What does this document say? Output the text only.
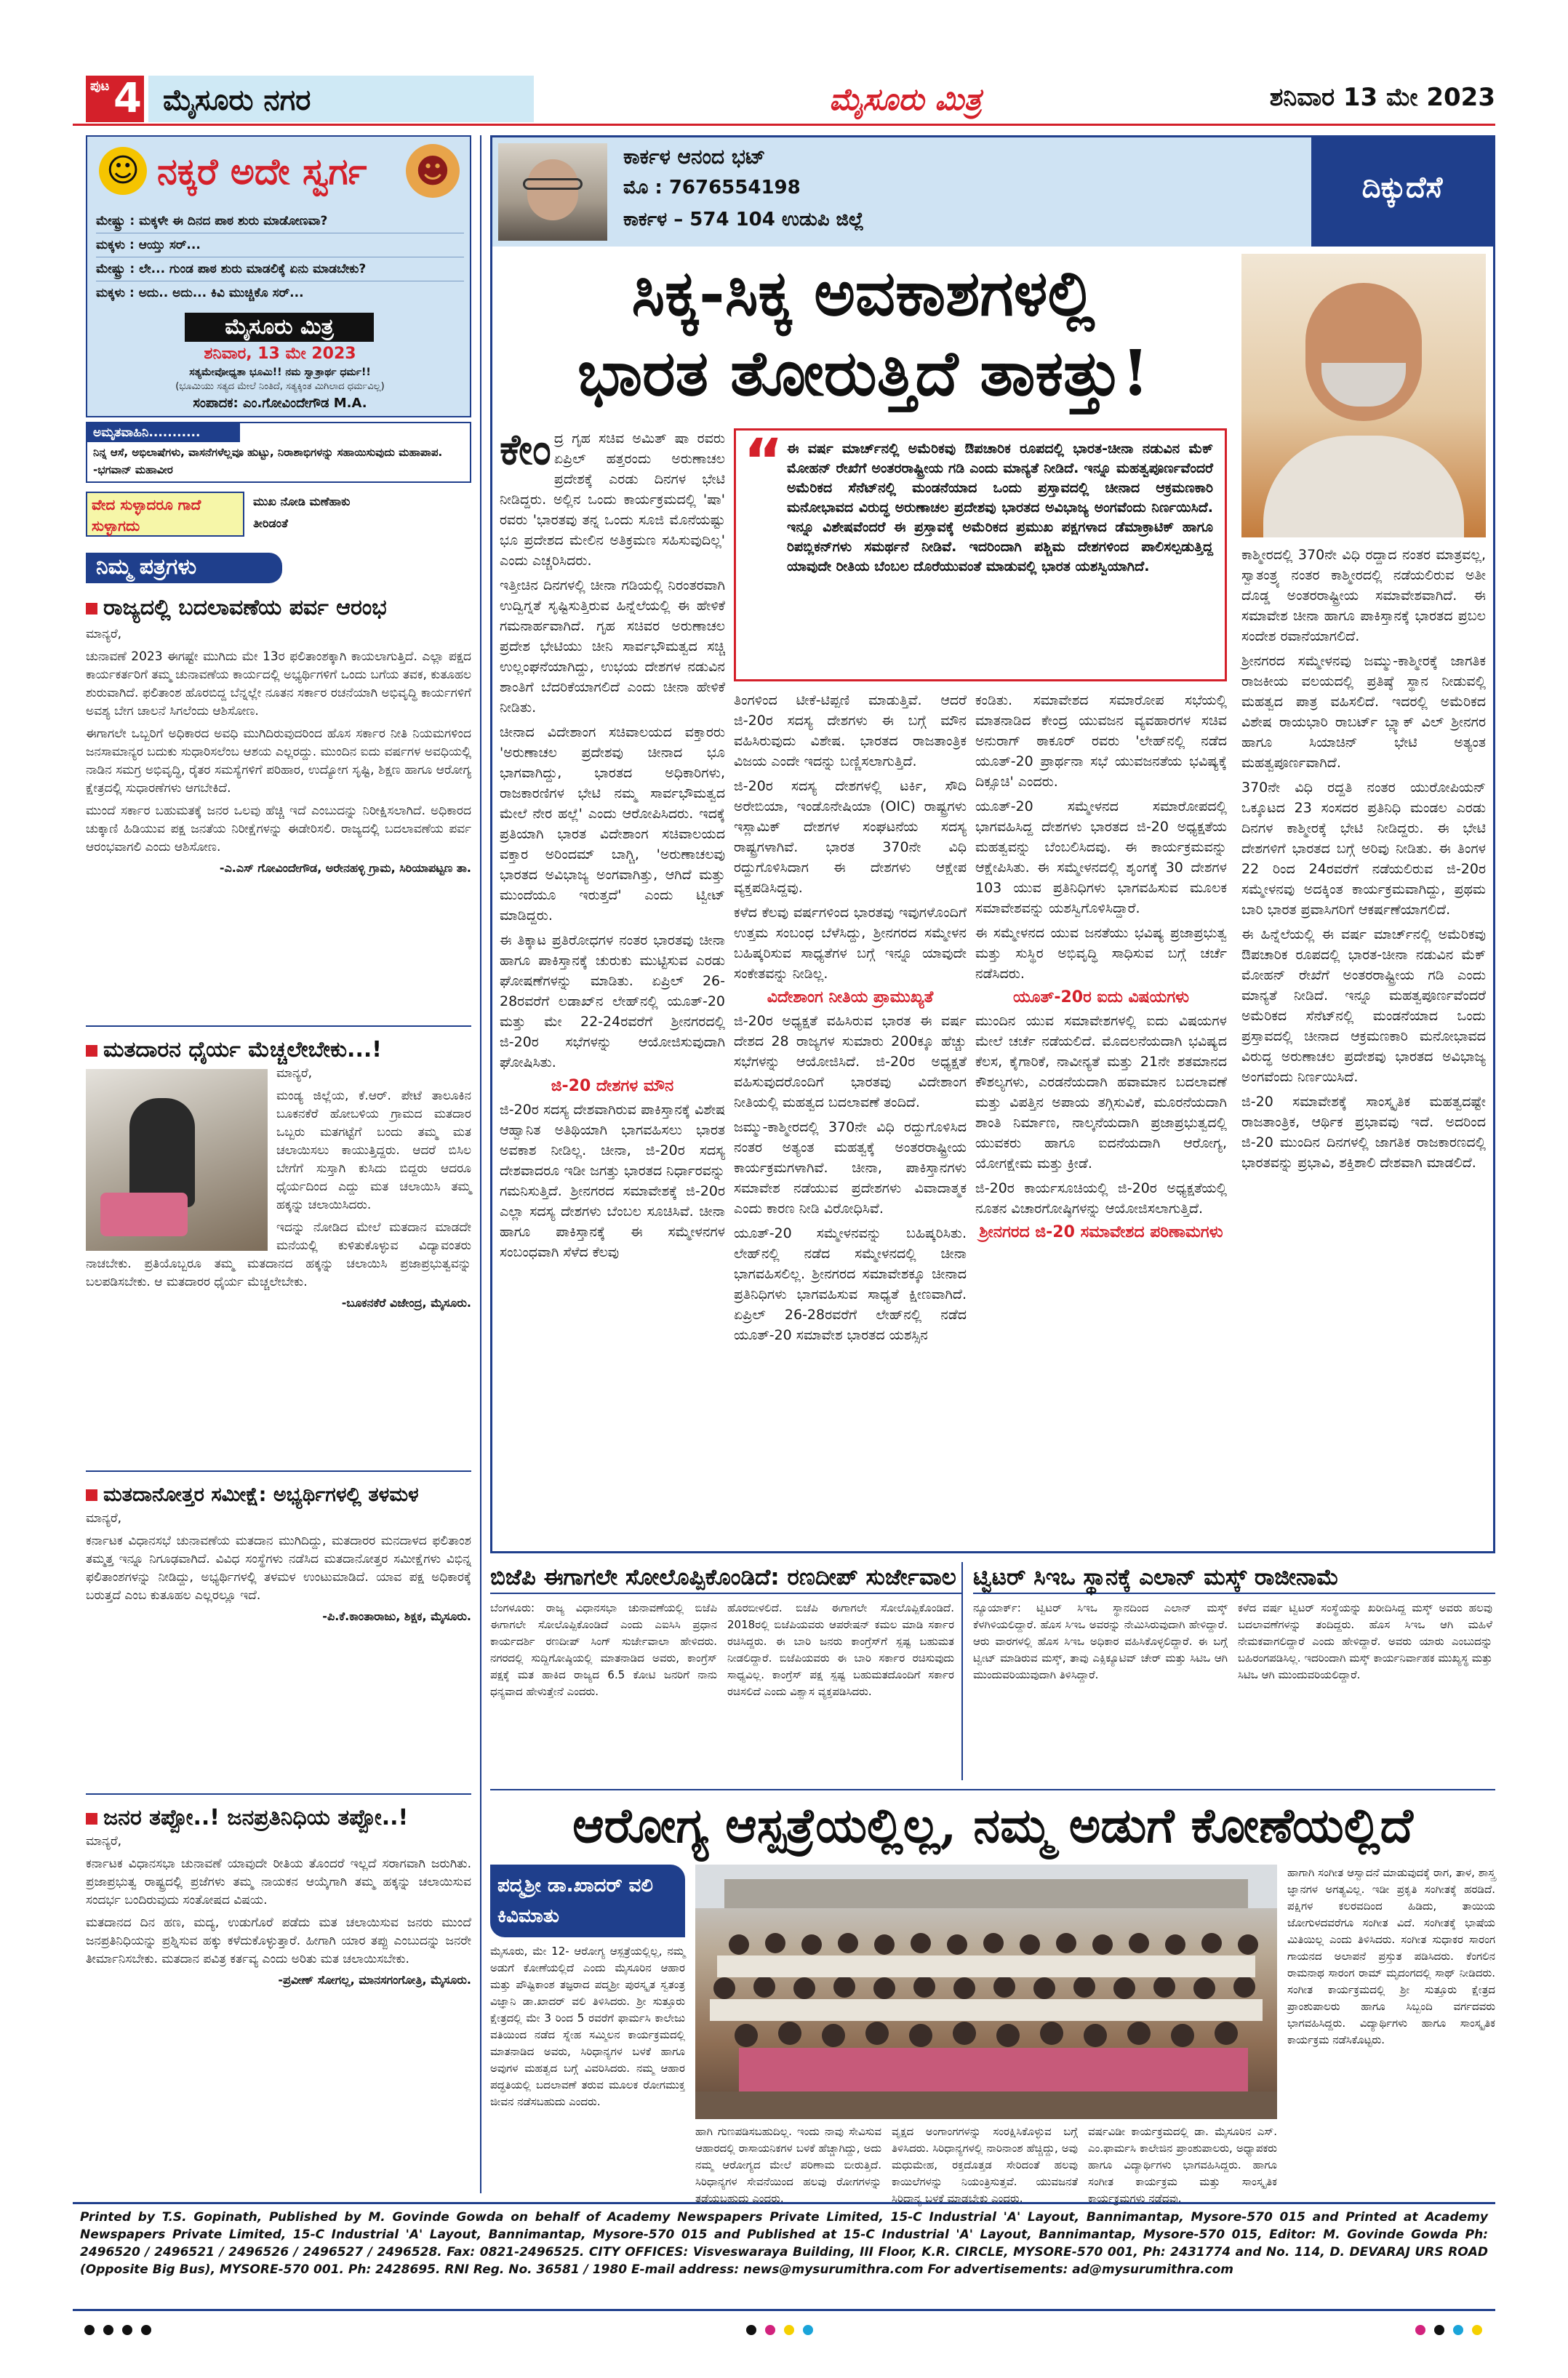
ಪುಟ 4 ಮೈಸೂರು ನಗರ	ಮೈಸೂರು ಮಿತ್ರ	ಶನಿವಾರ 13 ಮೇ 2023
☺ ನಕ್ಕರೆ ಅದೇ ಸ್ವರ್ಗ ☻
ಮೇಷ್ಟ್ರು : ಮಕ್ಕಳೇ ಈ ದಿನದ ಪಾಠ ಶುರು ಮಾಡೋಣವಾ?
ಮಕ್ಕಳು : ಆಯ್ತು ಸರ್...
ಮೇಷ್ಟ್ರು : ಲೇ... ಗುಂಡ ಪಾಠ ಶುರು ಮಾಡಲಿಕ್ಕೆ ಏನು ಮಾಡಬೇಕು?
ಮಕ್ಕಳು : ಅದು.. ಅದು... ಕಿವಿ ಮುಚ್ಚಿಕೊ ಸರ್...
ಮೈಸೂರು ಮಿತ್ರ
ಶನಿವಾರ, 13 ಮೇ 2023
ಸತ್ಯಮೇವೋಧ್ಯತಾ ಭೂಮಿ!! ನಮ ಸ್ವಾತ್ರಾರ್ಥ ಧರ್ಮ!!
(ಭೂಮಿಯು ಸತ್ಯದ ಮೇಲೆ ನಿಂತಿದೆ, ಸತ್ಯಕ್ಕಿಂತ ಮಿಗಿಲಾದ ಧರ್ಮವಿಲ್ಲ)
ಸಂಪಾದಕ: ಎಂ.ಗೋವಿಂದೇಗೌಡ M.A.
ಅಮೃತವಾಹಿನಿ...........
ನಿನ್ನ ಆಸೆ, ಅಭಿಲಾಷೆಗಳು, ವಾಸನೆಗಳೆಲ್ಲವೂ ಹುಟ್ಟು, ನಿರಾಶಾಭಿಗಳನ್ನು ಸಹಾಯಿಸುವುದು ಮಹಾಪಾಪ. -ಭಗವಾನ್ ಮಹಾವೀರ
ವೇದ ಸುಳ್ಳಾದರೂ ಗಾದೆ ಸುಳ್ಳಾಗದು
ಮುಖ ನೋಡಿ ಮಣೆಹಾಕು
ತೀರಿಡಂತೆ
ನಿಮ್ಮ ಪತ್ರಗಳು
ರಾಜ್ಯದಲ್ಲಿ ಬದಲಾವಣೆಯ ಪರ್ವ ಆರಂಭ

ಮಾನ್ಯರೆ,

ಚುನಾವಣೆ 2023 ಈಗಷ್ಟೇ ಮುಗಿದು ಮೇ 13ರ ಫಲಿತಾಂಶಕ್ಕಾಗಿ ಕಾಯಲಾಗುತ್ತಿದೆ. ಎಲ್ಲಾ ಪಕ್ಷದ ಕಾರ್ಯಕರ್ತರಿಗೆ ತಮ್ಮ ಚುನಾವಣೆಯ ಕಾರ್ಯದಲ್ಲಿ ಅಭ್ಯರ್ಥಿಗಳಿಗೆ ಒಂದು ಬಗೆಯ ತವಕ, ಕುತೂಹಲ ಶುರುವಾಗಿದೆ. ಫಲಿತಾಂಶ ಹೊರಬಿದ್ದ ಬೆನ್ನಲ್ಲೇ ನೂತನ ಸರ್ಕಾರ ರಚನೆಯಾಗಿ ಅಭಿವೃದ್ಧಿ ಕಾರ್ಯಗಳಿಗೆ ಅವಶ್ಯ ಬೇಗ ಚಾಲನೆ ಸಿಗಲೆಂದು ಆಶಿಸೋಣ.

ಈಗಾಗಲೇ ಒಬ್ಬರಿಗೆ ಅಧಿಕಾರದ ಅವಧಿ ಮುಗಿದಿರುವುದರಿಂದ ಹೊಸ ಸರ್ಕಾರ ನೀತಿ ನಿಯಮಗಳಿಂದ ಜನಸಾಮಾನ್ಯರ ಬದುಕು ಸುಧಾರಿಸಲೆಂಬ ಆಶಯ ಎಲ್ಲರದ್ದು. ಮುಂದಿನ ಐದು ವರ್ಷಗಳ ಅವಧಿಯಲ್ಲಿ ನಾಡಿನ ಸಮಗ್ರ ಅಭಿವೃದ್ಧಿ, ರೈತರ ಸಮಸ್ಯೆಗಳಿಗೆ ಪರಿಹಾರ, ಉದ್ಯೋಗ ಸೃಷ್ಟಿ, ಶಿಕ್ಷಣ ಹಾಗೂ ಆರೋಗ್ಯ ಕ್ಷೇತ್ರದಲ್ಲಿ ಸುಧಾರಣೆಗಳು ಆಗಬೇಕಿದೆ.

ಮುಂದೆ ಸರ್ಕಾರ ಬಹುಮತಕ್ಕೆ ಜನರ ಒಲವು ಹೆಚ್ಚಿ ಇದೆ ಎಂಬುದನ್ನು ನಿರೀಕ್ಷಿಸಲಾಗಿದೆ. ಅಧಿಕಾರದ ಚುಕ್ಕಾಣಿ ಹಿಡಿಯುವ ಪಕ್ಷ ಜನತೆಯ ನಿರೀಕ್ಷೆಗಳನ್ನು ಈಡೇರಿಸಲಿ. ರಾಜ್ಯದಲ್ಲಿ ಬದಲಾವಣೆಯ ಪರ್ವ ಆರಂಭವಾಗಲಿ ಎಂದು ಆಶಿಸೋಣ.

-ಎ.ಎಸ್ ಗೋವಿಂದೇಗೌಡ, ಅರೇನಹಳ್ಳಿ ಗ್ರಾಮ, ಸಿರಿಯಾಪಟ್ಟಣ ತಾ.
ಮತದಾರನ ಧೈರ್ಯ ಮೆಚ್ಚಲೇಬೇಕು...!

ಮಾನ್ಯರೆ,

ಮಂಡ್ಯ ಜಿಲ್ಲೆಯ, ಕೆ.ಆರ್. ಪೇಟೆ ತಾಲೂಕಿನ ಬೂಕನಕೆರೆ ಹೋಬಳಿಯ ಗ್ರಾಮದ ಮತದಾರ ಒಬ್ಬರು ಮತಗಟ್ಟೆಗೆ ಬಂದು ತಮ್ಮ ಮತ ಚಲಾಯಿಸಲು ಕಾಯುತ್ತಿದ್ದರು. ಆದರೆ ಬಿಸಿಲ ಬೇಗೆಗೆ ಸುಸ್ತಾಗಿ ಕುಸಿದು ಬಿದ್ದರು ಆದರೂ ಧೈರ್ಯದಿಂದ ಎದ್ದು ಮತ ಚಲಾಯಿಸಿ ತಮ್ಮ ಹಕ್ಕನ್ನು ಚಲಾಯಿಸಿದರು.

ಇದನ್ನು ನೋಡಿದ ಮೇಲೆ ಮತದಾನ ಮಾಡದೇ ಮನೆಯಲ್ಲಿ ಕುಳಿತುಕೊಳ್ಳುವ ವಿದ್ಯಾವಂತರು ನಾಚಬೇಕು. ಪ್ರತಿಯೊಬ್ಬರೂ ತಮ್ಮ ಮತದಾನದ ಹಕ್ಕನ್ನು ಚಲಾಯಿಸಿ ಪ್ರಜಾಪ್ರಭುತ್ವವನ್ನು ಬಲಪಡಿಸಬೇಕು. ಆ ಮತದಾರರ ಧೈರ್ಯ ಮೆಚ್ಚಲೇಬೇಕು.

-ಬೂಕನಕೆರೆ ವಿಜೇಂದ್ರ, ಮೈಸೂರು.
ಮತದಾನೋತ್ತರ ಸಮೀಕ್ಷೆ: ಅಭ್ಯರ್ಥಿಗಳಲ್ಲಿ ತಳಮಳ

ಮಾನ್ಯರೆ,

ಕರ್ನಾಟಕ ವಿಧಾನಸಭೆ ಚುನಾವಣೆಯ ಮತದಾನ ಮುಗಿದಿದ್ದು, ಮತದಾರರ ಮನದಾಳದ ಫಲಿತಾಂಶ ತಮ್ಮತ್ತ ಇನ್ನೂ ನಿಗೂಢವಾಗಿದೆ. ವಿವಿಧ ಸಂಸ್ಥೆಗಳು ನಡೆಸಿದ ಮತದಾನೋತ್ತರ ಸಮೀಕ್ಷೆಗಳು ವಿಭಿನ್ನ ಫಲಿತಾಂಶಗಳನ್ನು ನೀಡಿದ್ದು, ಅಭ್ಯರ್ಥಿಗಳಲ್ಲಿ ತಳಮಳ ಉಂಟುಮಾಡಿದೆ. ಯಾವ ಪಕ್ಷ ಅಧಿಕಾರಕ್ಕೆ ಬರುತ್ತದೆ ಎಂಬ ಕುತೂಹಲ ಎಲ್ಲರಲ್ಲೂ ಇದೆ.

-ಪಿ.ಕೆ.ಕಾಂತಾರಾಜು, ಶಿಕ್ಷಕ, ಮೈಸೂರು.
ಜನರ ತಪ್ಪೋ..! ಜನಪ್ರತಿನಿಧಿಯ ತಪ್ಪೋ..!

ಮಾನ್ಯರೆ,

ಕರ್ನಾಟಕ ವಿಧಾನಸಭಾ ಚುನಾವಣೆ ಯಾವುದೇ ರೀತಿಯ ತೊಂದರೆ ಇಲ್ಲದೆ ಸರಾಗವಾಗಿ ಜರುಗಿತು. ಪ್ರಜಾಪ್ರಭುತ್ವ ರಾಷ್ಟ್ರದಲ್ಲಿ ಪ್ರಜೆಗಳು ತಮ್ಮ ನಾಯಕನ ಆಯ್ಕೆಗಾಗಿ ತಮ್ಮ ಹಕ್ಕನ್ನು ಚಲಾಯಿಸುವ ಸಂದರ್ಭ ಬಂದಿರುವುದು ಸಂತೋಷದ ವಿಷಯ.

ಮತದಾನದ ದಿನ ಹಣ, ಮದ್ಯ, ಉಡುಗೊರೆ ಪಡೆದು ಮತ ಚಲಾಯಿಸುವ ಜನರು ಮುಂದೆ ಜನಪ್ರತಿನಿಧಿಯನ್ನು ಪ್ರಶ್ನಿಸುವ ಹಕ್ಕು ಕಳೆದುಕೊಳ್ಳುತ್ತಾರೆ. ಹೀಗಾಗಿ ಯಾರ ತಪ್ಪು ಎಂಬುದನ್ನು ಜನರೇ ತೀರ್ಮಾನಿಸಬೇಕು. ಮತದಾನ ಪವಿತ್ರ ಕರ್ತವ್ಯ ಎಂದು ಅರಿತು ಮತ ಚಲಾಯಿಸಬೇಕು.

-ಪ್ರವೀಣ್ ಸೋಗಲ್ಲ, ಮಾನಸಗಂಗೋತ್ರಿ, ಮೈಸೂರು.
ಕಾರ್ಕಳ ಆನಂದ ಭಟ್
ಮೊ : 7676554198
ಕಾರ್ಕಳ – 574 104 ಉಡುಪಿ ಜಿಲ್ಲೆ
ದಿಕ್ಕುದೆಸೆ
ಸಿಕ್ಕ-ಸಿಕ್ಕ ಅವಕಾಶಗಳಲ್ಲಿ
ಭಾರತ ತೋರುತ್ತಿದೆ ತಾಕತ್ತು!
“ ಈ ವರ್ಷ ಮಾರ್ಚ್‌ನಲ್ಲಿ ಅಮೆರಿಕವು ಔಪಚಾರಿಕ ರೂಪದಲ್ಲಿ ಭಾರತ-ಚೀನಾ ನಡುವಿನ ಮೆಕ್ ಮೋಹನ್ ರೇಖೆಗೆ ಅಂತರರಾಷ್ಟ್ರೀಯ ಗಡಿ ಎಂದು ಮಾನ್ಯತೆ ನೀಡಿದೆ. ಇನ್ನೂ ಮಹತ್ವಪೂರ್ಣವೆಂದರೆ ಅಮೆರಿಕದ ಸೆನೆಟ್‌ನಲ್ಲಿ ಮಂಡನೆಯಾದ ಒಂದು ಪ್ರಸ್ತಾವದಲ್ಲಿ ಚೀನಾದ ಆಕ್ರಮಣಕಾರಿ ಮನೋಭಾವದ ವಿರುದ್ಧ ಅರುಣಾಚಲ ಪ್ರದೇಶವು ಭಾರತದ ಅವಿಭಾಜ್ಯ ಅಂಗವೆಂದು ನಿರ್ಣಯಿಸಿದೆ. ಇನ್ನೂ ವಿಶೇಷವೆಂದರೆ ಈ ಪ್ರಸ್ತಾವಕ್ಕೆ ಅಮೆರಿಕದ ಪ್ರಮುಖ ಪಕ್ಷಗಳಾದ ಡೆಮಾಕ್ರಾಟಿಕ್ ಹಾಗೂ ರಿಪಬ್ಲಿಕನ್‌ಗಳು ಸಮರ್ಥನೆ ನೀಡಿವೆ. ಇದರಿಂದಾಗಿ ಪಶ್ಚಿಮ ದೇಶಗಳಿಂದ ಪಾಲಿಸಲ್ಪಡುತ್ತಿದ್ದ ಯಾವುದೇ ರೀತಿಯ ಬೆಂಬಲ ದೊರೆಯುವಂತೆ ಮಾಡುವಲ್ಲಿ ಭಾರತ ಯಶಸ್ವಿಯಾಗಿದೆ.

ಕೇಂದ್ರ ಗೃಹ ಸಚಿವ ಅಮಿತ್ ಷಾ ರವರು ಏಪ್ರಿಲ್ ಹತ್ತರಂದು ಅರುಣಾಚಲ ಪ್ರದೇಶಕ್ಕೆ ಎರಡು ದಿನಗಳ ಭೇಟಿ ನೀಡಿದ್ದರು. ಅಲ್ಲಿನ ಒಂದು ಕಾರ್ಯಕ್ರಮದಲ್ಲಿ 'ಷಾ' ರವರು 'ಭಾರತವು ತನ್ನ ಒಂದು ಸೂಜಿ ಮೊನೆಯಷ್ಟು ಭೂ ಪ್ರದೇಶದ ಮೇಲಿನ ಅತಿಕ್ರಮಣ ಸಹಿಸುವುದಿಲ್ಲ' ಎಂದು ಎಚ್ಚರಿಸಿದರು.

ಇತ್ತೀಚಿನ ದಿನಗಳಲ್ಲಿ ಚೀನಾ ಗಡಿಯಲ್ಲಿ ನಿರಂತರವಾಗಿ ಉದ್ವಿಗ್ನತೆ ಸೃಷ್ಟಿಸುತ್ತಿರುವ ಹಿನ್ನೆಲೆಯಲ್ಲಿ ಈ ಹೇಳಿಕೆ ಗಮನಾರ್ಹವಾಗಿದೆ. ಗೃಹ ಸಚಿವರ ಅರುಣಾಚಲ ಪ್ರದೇಶ ಭೇಟಿಯು ಚೀನಿ ಸಾರ್ವಭೌಮತ್ವದ ಸಚ್ಚಿ ಉಲ್ಲಂಘನೆಯಾಗಿದ್ದು, ಉಭಯ ದೇಶಗಳ ನಡುವಿನ ಶಾಂತಿಗೆ ಬೆದರಿಕೆಯಾಗಲಿದೆ ಎಂದು ಚೀನಾ ಹೇಳಿಕೆ ನೀಡಿತು.

ಚೀನಾದ ವಿದೇಶಾಂಗ ಸಚಿವಾಲಯದ ವಕ್ತಾರರು 'ಅರುಣಾಚಲ ಪ್ರದೇಶವು ಚೀನಾದ ಭೂ ಭಾಗವಾಗಿದ್ದು, ಭಾರತದ ಅಧಿಕಾರಿಗಳು, ರಾಜಕಾರಣಿಗಳ ಭೇಟಿ ನಮ್ಮ ಸಾರ್ವಭೌಮತ್ವದ ಮೇಲೆ ನೇರ ಹಲ್ಲೆ' ಎಂದು ಆರೋಪಿಸಿದರು. ಇದಕ್ಕೆ ಪ್ರತಿಯಾಗಿ ಭಾರತ ವಿದೇಶಾಂಗ ಸಚಿವಾಲಯದ ವಕ್ತಾರ ಅರಿಂದಮ್ ಬಾಗ್ಚಿ, 'ಅರುಣಾಚಲವು ಭಾರತದ ಅವಿಭಾಜ್ಯ ಅಂಗವಾಗಿತ್ತು, ಆಗಿದೆ ಮತ್ತು ಮುಂದೆಯೂ ಇರುತ್ತದೆ' ಎಂದು ಟ್ವೀಟ್ ಮಾಡಿದ್ದರು.

ಈ ತಿಕ್ಕಾಟ ಪ್ರತಿರೋಧಗಳ ನಂತರ ಭಾರತವು ಚೀನಾ ಹಾಗೂ ಪಾಕಿಸ್ತಾನಕ್ಕೆ ಚುರುಕು ಮುಟ್ಟಿಸುವ ಎರಡು ಘೋಷಣೆಗಳನ್ನು ಮಾಡಿತು. ಏಪ್ರಿಲ್ 26-28ರವರೆಗೆ ಲಡಾಖ್‌ನ ಲೇಹ್‌ನಲ್ಲಿ ಯೂತ್-20 ಮತ್ತು ಮೇ 22-24ರವರೆಗೆ ಶ್ರೀನಗರದಲ್ಲಿ ಜಿ-20ರ ಸಭೆಗಳನ್ನು ಆಯೋಜಿಸುವುದಾಗಿ ಘೋಷಿಸಿತು.

ಜಿ-20 ದೇಶಗಳ ಮೌನ

ಜಿ-20ರ ಸದಸ್ಯ ದೇಶವಾಗಿರುವ ಪಾಕಿಸ್ತಾನಕ್ಕೆ ವಿಶೇಷ ಆಹ್ವಾನಿತ ಅತಿಥಿಯಾಗಿ ಭಾಗವಹಿಸಲು ಭಾರತ ಅವಕಾಶ ನೀಡಿಲ್ಲ. ಚೀನಾ, ಜಿ-20ರ ಸದಸ್ಯ ದೇಶವಾದರೂ ಇಡೀ ಜಗತ್ತು ಭಾರತದ ನಿರ್ಧಾರವನ್ನು ಗಮನಿಸುತ್ತಿದೆ. ಶ್ರೀನಗರದ ಸಮಾವೇಶಕ್ಕೆ ಜಿ-20ರ ಎಲ್ಲಾ ಸದಸ್ಯ ದೇಶಗಳು ಬೆಂಬಲ ಸೂಚಿಸಿವೆ. ಚೀನಾ ಹಾಗೂ ಪಾಕಿಸ್ತಾನಕ್ಕೆ ಈ ಸಮ್ಮೇಳನಗಳ ಸಂಬಂಧವಾಗಿ ಸೆಳೆದ ಕೆಲವು

ತಿಂಗಳಿಂದ ಟೀಕೆ-ಟಿಪ್ಪಣಿ ಮಾಡುತ್ತಿವೆ. ಆದರೆ ಜಿ-20ರ ಸದಸ್ಯ ದೇಶಗಳು ಈ ಬಗ್ಗೆ ಮೌನ ವಹಿಸಿರುವುದು ವಿಶೇಷ. ಭಾರತದ ರಾಜತಾಂತ್ರಿಕ ವಿಜಯ ಎಂದೇ ಇದನ್ನು ಬಣ್ಣಿಸಲಾಗುತ್ತಿದೆ.

ಜಿ-20ರ ಸದಸ್ಯ ದೇಶಗಳಲ್ಲಿ ಟರ್ಕಿ, ಸೌದಿ ಅರೇಬಿಯಾ, ಇಂಡೊನೇಷಿಯಾ (OIC) ರಾಷ್ಟ್ರಗಳು ಇಸ್ಲಾಮಿಕ್ ದೇಶಗಳ ಸಂಘಟನೆಯ ಸದಸ್ಯ ರಾಷ್ಟ್ರಗಳಾಗಿವೆ. ಭಾರತ 370ನೇ ವಿಧಿ ರದ್ದುಗೊಳಿಸಿದಾಗ ಈ ದೇಶಗಳು ಆಕ್ಷೇಪ ವ್ಯಕ್ತಪಡಿಸಿದ್ದವು.

ಕಳೆದ ಕೆಲವು ವರ್ಷಗಳಿಂದ ಭಾರತವು ಇವುಗಳೊಂದಿಗೆ ಉತ್ತಮ ಸಂಬಂಧ ಬೆಳೆಸಿದ್ದು, ಶ್ರೀನಗರದ ಸಮ್ಮೇಳನ ಬಹಿಷ್ಕರಿಸುವ ಸಾಧ್ಯತೆಗಳ ಬಗ್ಗೆ ಇನ್ನೂ ಯಾವುದೇ ಸಂಕೇತವನ್ನು ನೀಡಿಲ್ಲ.

ವಿದೇಶಾಂಗ ನೀತಿಯ ಪ್ರಾಮುಖ್ಯತೆ

ಜಿ-20ರ ಅಧ್ಯಕ್ಷತೆ ವಹಿಸಿರುವ ಭಾರತ ಈ ವರ್ಷ ದೇಶದ 28 ರಾಜ್ಯಗಳ ಸುಮಾರು 200ಕ್ಕೂ ಹೆಚ್ಚು ಸಭೆಗಳನ್ನು ಆಯೋಜಿಸಿದೆ. ಜಿ-20ರ ಅಧ್ಯಕ್ಷತೆ ವಹಿಸುವುದರೊಂದಿಗೆ ಭಾರತವು ವಿದೇಶಾಂಗ ನೀತಿಯಲ್ಲಿ ಮಹತ್ವದ ಬದಲಾವಣೆ ತಂದಿದೆ.

ಜಮ್ಮು-ಕಾಶ್ಮೀರದಲ್ಲಿ 370ನೇ ವಿಧಿ ರದ್ದುಗೊಳಿಸಿದ ನಂತರ ಅತ್ಯಂತ ಮಹತ್ವಕ್ಕೆ ಅಂತರರಾಷ್ಟ್ರೀಯ ಕಾರ್ಯಕ್ರಮಗಳಾಗಿವೆ. ಚೀನಾ, ಪಾಕಿಸ್ತಾನಗಳು ಸಮಾವೇಶ ನಡೆಯುವ ಪ್ರದೇಶಗಳು ವಿವಾದಾತ್ಮಕ ಎಂದು ಕಾರಣ ನೀಡಿ ವಿರೋಧಿಸಿವೆ.

ಯೂತ್-20 ಸಮ್ಮೇಳನವನ್ನು ಬಹಿಷ್ಕರಿಸಿತು. ಲೇಹ್‌ನಲ್ಲಿ ನಡೆದ ಸಮ್ಮೇಳನದಲ್ಲಿ ಚೀನಾ ಭಾಗವಹಿಸಲಿಲ್ಲ. ಶ್ರೀನಗರದ ಸಮಾವೇಶಕ್ಕೂ ಚೀನಾದ ಪ್ರತಿನಿಧಿಗಳು ಭಾಗವಹಿಸುವ ಸಾಧ್ಯತೆ ಕ್ಷೀಣವಾಗಿದೆ. ಏಪ್ರಿಲ್ 26-28ರವರೆಗೆ ಲೇಹ್‌ನಲ್ಲಿ ನಡೆದ ಯೂತ್-20 ಸಮಾವೇಶ ಭಾರತದ ಯಶಸ್ಸಿನ

ಕಂಡಿತು. ಸಮಾವೇಶದ ಸಮಾರೋಪ ಸಭೆಯಲ್ಲಿ ಮಾತನಾಡಿದ ಕೇಂದ್ರ ಯುವಜನ ವ್ಯವಹಾರಗಳ ಸಚಿವ ಅನುರಾಗ್ ಠಾಕೂರ್ ರವರು 'ಲೇಹ್‌ನಲ್ಲಿ ನಡೆದ ಯೂತ್-20 ಪ್ರಾರ್ಥನಾ ಸಭೆ ಯುವಜನತೆಯ ಭವಿಷ್ಯಕ್ಕೆ ದಿಕ್ಸೂಚಿ' ಎಂದರು.

ಯೂತ್-20 ಸಮ್ಮೇಳನದ ಸಮಾರೋಪದಲ್ಲಿ ಭಾಗವಹಿಸಿದ್ದ ದೇಶಗಳು ಭಾರತದ ಜಿ-20 ಅಧ್ಯಕ್ಷತೆಯ ಮಹತ್ವವನ್ನು ಬೆಂಬಲಿಸಿದವು. ಈ ಕಾರ್ಯಕ್ರಮವನ್ನು ಆಕ್ಷೇಪಿಸಿತು. ಈ ಸಮ್ಮೇಳನದಲ್ಲಿ ಶೃಂಗಕ್ಕೆ 30 ದೇಶಗಳ 103 ಯುವ ಪ್ರತಿನಿಧಿಗಳು ಭಾಗವಹಿಸುವ ಮೂಲಕ ಸಮಾವೇಶವನ್ನು ಯಶಸ್ವಿಗೊಳಿಸಿದ್ದಾರೆ.

ಈ ಸಮ್ಮೇಳನದ ಯುವ ಜನತೆಯು ಭವಿಷ್ಯ ಪ್ರಜಾಪ್ರಭುತ್ವ ಮತ್ತು ಸುಸ್ಥಿರ ಅಭಿವೃದ್ಧಿ ಸಾಧಿಸುವ ಬಗ್ಗೆ ಚರ್ಚೆ ನಡೆಸಿದರು.

ಯೂತ್-20ರ ಐದು ವಿಷಯಗಳು

ಮುಂದಿನ ಯುವ ಸಮಾವೇಶಗಳಲ್ಲಿ ಐದು ವಿಷಯಗಳ ಮೇಲೆ ಚರ್ಚೆ ನಡೆಯಲಿದೆ. ಮೊದಲನೆಯದಾಗಿ ಭವಿಷ್ಯದ ಕೆಲಸ, ಕೈಗಾರಿಕೆ, ನಾವೀನ್ಯತೆ ಮತ್ತು 21ನೇ ಶತಮಾನದ ಕೌಶಲ್ಯಗಳು, ಎರಡನೆಯದಾಗಿ ಹವಾಮಾನ ಬದಲಾವಣೆ ಮತ್ತು ವಿಪತ್ತಿನ ಅಪಾಯ ತಗ್ಗಿಸುವಿಕೆ, ಮೂರನೆಯದಾಗಿ ಶಾಂತಿ ನಿರ್ಮಾಣ, ನಾಲ್ಕನೆಯದಾಗಿ ಪ್ರಜಾಪ್ರಭುತ್ವದಲ್ಲಿ ಯುವಕರು ಹಾಗೂ ಐದನೆಯದಾಗಿ ಆರೋಗ್ಯ, ಯೋಗಕ್ಷೇಮ ಮತ್ತು ಕ್ರೀಡೆ.

ಜಿ-20ರ ಕಾರ್ಯಸೂಚಿಯಲ್ಲಿ ಜಿ-20ರ ಅಧ್ಯಕ್ಷತೆಯಲ್ಲಿ ನೂತನ ವಿಚಾರಗೋಷ್ಠಿಗಳನ್ನು ಆಯೋಜಿಸಲಾಗುತ್ತಿದೆ.

ಶ್ರೀನಗರದ ಜಿ-20 ಸಮಾವೇಶದ ಪರಿಣಾಮಗಳು

ಕಾಶ್ಮೀರದಲ್ಲಿ 370ನೇ ವಿಧಿ ರದ್ದಾದ ನಂತರ ಮಾತ್ರವಲ್ಲ, ಸ್ವಾತಂತ್ರ್ಯ ನಂತರ ಕಾಶ್ಮೀರದಲ್ಲಿ ನಡೆಯಲಿರುವ ಅತೀ ದೊಡ್ಡ ಅಂತರರಾಷ್ಟ್ರೀಯ ಸಮಾವೇಶವಾಗಿದೆ. ಈ ಸಮಾವೇಶ ಚೀನಾ ಹಾಗೂ ಪಾಕಿಸ್ತಾನಕ್ಕೆ ಭಾರತದ ಪ್ರಬಲ ಸಂದೇಶ ರವಾನೆಯಾಗಲಿದೆ.

ಶ್ರೀನಗರದ ಸಮ್ಮೇಳನವು ಜಮ್ಮು-ಕಾಶ್ಮೀರಕ್ಕೆ ಜಾಗತಿಕ ರಾಜಕೀಯ ವಲಯದಲ್ಲಿ ಪ್ರತಿಷ್ಠೆ ಸ್ಥಾನ ನೀಡುವಲ್ಲಿ ಮಹತ್ವದ ಪಾತ್ರ ವಹಿಸಲಿದೆ. ಇದರಲ್ಲಿ ಅಮೆರಿಕದ ವಿಶೇಷ ರಾಯಭಾರಿ ರಾಬರ್ಟ್ ಬ್ಲ್ಯಾಕ್ ವಿಲ್ ಶ್ರೀನಗರ ಹಾಗೂ ಸಿಯಾಚಿನ್ ಭೇಟಿ ಅತ್ಯಂತ ಮಹತ್ವಪೂರ್ಣವಾಗಿದೆ.

370ನೇ ವಿಧಿ ರದ್ದತಿ ನಂತರ ಯುರೋಪಿಯನ್ ಒಕ್ಕೂಟದ 23 ಸಂಸದರ ಪ್ರತಿನಿಧಿ ಮಂಡಲ ಎರಡು ದಿನಗಳ ಕಾಶ್ಮೀರಕ್ಕೆ ಭೇಟಿ ನೀಡಿದ್ದರು. ಈ ಭೇಟಿ ದೇಶಗಳಿಗೆ ಭಾರತದ ಬಗ್ಗೆ ಅರಿವು ನೀಡಿತು. ಈ ತಿಂಗಳ 22 ರಿಂದ 24ರವರೆಗೆ ನಡೆಯಲಿರುವ ಜಿ-20ರ ಸಮ್ಮೇಳನವು ಅದಕ್ಕಿಂತ ಕಾರ್ಯಕ್ರಮವಾಗಿದ್ದು, ಪ್ರಥಮ ಬಾರಿ ಭಾರತ ಪ್ರವಾಸಿಗರಿಗೆ ಆಕರ್ಷಣೆಯಾಗಲಿದೆ.

ಈ ಹಿನ್ನೆಲೆಯಲ್ಲಿ ಈ ವರ್ಷ ಮಾರ್ಚ್‌ನಲ್ಲಿ ಅಮೆರಿಕವು ಔಪಚಾರಿಕ ರೂಪದಲ್ಲಿ ಭಾರತ-ಚೀನಾ ನಡುವಿನ ಮೆಕ್ ಮೋಹನ್ ರೇಖೆಗೆ ಅಂತರರಾಷ್ಟ್ರೀಯ ಗಡಿ ಎಂದು ಮಾನ್ಯತೆ ನೀಡಿದೆ. ಇನ್ನೂ ಮಹತ್ವಪೂರ್ಣವೆಂದರೆ ಅಮೆರಿಕದ ಸೆನೆಟ್‌ನಲ್ಲಿ ಮಂಡನೆಯಾದ ಒಂದು ಪ್ರಸ್ತಾವದಲ್ಲಿ ಚೀನಾದ ಆಕ್ರಮಣಕಾರಿ ಮನೋಭಾವದ ವಿರುದ್ಧ ಅರುಣಾಚಲ ಪ್ರದೇಶವು ಭಾರತದ ಅವಿಭಾಜ್ಯ ಅಂಗವೆಂದು ನಿರ್ಣಯಿಸಿದೆ.

ಜಿ-20 ಸಮಾವೇಶಕ್ಕೆ ಸಾಂಸ್ಕೃತಿಕ ಮಹತ್ವದಷ್ಟೇ ರಾಜತಾಂತ್ರಿಕ, ಆರ್ಥಿಕ ಪ್ರಭಾವವು ಇದೆ. ಅದರಿಂದ ಜಿ-20 ಮುಂದಿನ ದಿನಗಳಲ್ಲಿ ಜಾಗತಿಕ ರಾಜಕಾರಣದಲ್ಲಿ ಭಾರತವನ್ನು ಪ್ರಭಾವಿ, ಶಕ್ತಿಶಾಲಿ ದೇಶವಾಗಿ ಮಾಡಲಿದೆ.

ಬಿಜೆಪಿ ಈಗಾಗಲೇ ಸೋಲೊಪ್ಪಿಕೊಂಡಿದೆ: ರಣದೀಪ್ ಸುರ್ಜೇವಾಲ
ಬೆಂಗಳೂರು: ರಾಜ್ಯ ವಿಧಾನಸಭಾ ಚುನಾವಣೆಯಲ್ಲಿ ಬಿಜೆಪಿ ಈಗಾಗಲೇ ಸೋಲೊಪ್ಪಿಕೊಂಡಿದೆ ಎಂದು ಎಐಸಿಸಿ ಪ್ರಧಾನ ಕಾರ್ಯದರ್ಶಿ ರಣದೀಪ್ ಸಿಂಗ್ ಸುರ್ಜೇವಾಲಾ ಹೇಳಿದರು. ನಗರದಲ್ಲಿ ಸುದ್ದಿಗೋಷ್ಠಿಯಲ್ಲಿ ಮಾತನಾಡಿದ ಅವರು, ಕಾಂಗ್ರೆಸ್ ಪಕ್ಷಕ್ಕೆ ಮತ ಹಾಕಿದ ರಾಜ್ಯದ 6.5 ಕೋಟಿ ಜನರಿಗೆ ನಾನು ಧನ್ಯವಾದ ಹೇಳುತ್ತೇನೆ ಎಂದರು.
ಹೊರಬೀಳಲಿದೆ. ಬಿಜೆಪಿ ಈಗಾಗಲೇ ಸೋಲೊಪ್ಪಿಕೊಂಡಿದೆ. 2018ರಲ್ಲಿ ಬಿಜೆಪಿಯವರು ಆಪರೇಷನ್ ಕಮಲ ಮಾಡಿ ಸರ್ಕಾರ ರಚಿಸಿದ್ದರು. ಈ ಬಾರಿ ಜನರು ಕಾಂಗ್ರೆಸ್‌ಗೆ ಸ್ಪಷ್ಟ ಬಹುಮತ ನೀಡಲಿದ್ದಾರೆ. ಬಿಜೆಪಿಯವರು ಈ ಬಾರಿ ಸರ್ಕಾರ ರಚಿಸುವುದು ಸಾಧ್ಯವಿಲ್ಲ. ಕಾಂಗ್ರೆಸ್ ಪಕ್ಷ ಸ್ಪಷ್ಟ ಬಹುಮತದೊಂದಿಗೆ ಸರ್ಕಾರ ರಚಿಸಲಿದೆ ಎಂದು ವಿಶ್ವಾಸ ವ್ಯಕ್ತಪಡಿಸಿದರು.
ಟ್ವಿಟರ್ ಸಿಇಒ ಸ್ಥಾನಕ್ಕೆ ಎಲಾನ್ ಮಸ್ಕ್ ರಾಜೀನಾಮೆ
ನ್ಯೂಯಾರ್ಕ್: ಟ್ವಿಟರ್ ಸಿಇಒ ಸ್ಥಾನದಿಂದ ಎಲಾನ್ ಮಸ್ಕ್ ಕೆಳಗಿಳಿಯಲಿದ್ದಾರೆ. ಹೊಸ ಸಿಇಒ ಅವರನ್ನು ನೇಮಿಸಿರುವುದಾಗಿ ಹೇಳಿದ್ದಾರೆ. ಆರು ವಾರಗಳಲ್ಲಿ ಹೊಸ ಸಿಇಒ ಅಧಿಕಾರ ವಹಿಸಿಕೊಳ್ಳಲಿದ್ದಾರೆ. ಈ ಬಗ್ಗೆ ಟ್ವೀಟ್ ಮಾಡಿರುವ ಮಸ್ಕ್, ತಾವು ಎಕ್ಸಿಕ್ಯೂಟಿವ್ ಚೇರ್ ಮತ್ತು ಸಿಟಿಒ ಆಗಿ ಮುಂದುವರಿಯುವುದಾಗಿ ತಿಳಿಸಿದ್ದಾರೆ.
ಕಳೆದ ವರ್ಷ ಟ್ವಿಟರ್ ಸಂಸ್ಥೆಯನ್ನು ಖರೀದಿಸಿದ್ದ ಮಸ್ಕ್ ಅವರು ಹಲವು ಬದಲಾವಣೆಗಳನ್ನು ತಂದಿದ್ದರು. ಹೊಸ ಸಿಇಒ ಆಗಿ ಮಹಿಳೆ ನೇಮಕವಾಗಲಿದ್ದಾರೆ ಎಂದು ಹೇಳಿದ್ದಾರೆ. ಅವರು ಯಾರು ಎಂಬುದನ್ನು ಬಹಿರಂಗಪಡಿಸಿಲ್ಲ. ಇದರಿಂದಾಗಿ ಮಸ್ಕ್ ಕಾರ್ಯನಿರ್ವಾಹಕ ಮುಖ್ಯಸ್ಥ ಮತ್ತು ಸಿಟಿಒ ಆಗಿ ಮುಂದುವರಿಯಲಿದ್ದಾರೆ.
ಆರೋಗ್ಯ ಆಸ್ಪತ್ರೆಯಲ್ಲಿಲ್ಲ, ನಮ್ಮ ಅಡುಗೆ ಕೋಣೆಯಲ್ಲಿದೆ
ಪದ್ಮಶ್ರೀ ಡಾ.ಖಾದರ್ ವಲಿ ಕಿವಿಮಾತು
ಮೈಸೂರು, ಮೇ 12- ಆರೋಗ್ಯ ಆಸ್ಪತ್ರೆಯಲ್ಲಿಲ್ಲ, ನಮ್ಮ ಅಡುಗೆ ಕೋಣೆಯಲ್ಲಿದೆ ಎಂದು ಮೈಸೂರಿನ ಆಹಾರ ಮತ್ತು ಪೌಷ್ಟಿಕಾಂಶ ತಜ್ಞರಾದ ಪದ್ಮಶ್ರೀ ಪುರಸ್ಕೃತ ಸ್ವತಂತ್ರ ವಿಜ್ಞಾನಿ ಡಾ.ಖಾದರ್ ವಲಿ ತಿಳಿಸಿದರು. ಶ್ರೀ ಸುತ್ತೂರು ಕ್ಷೇತ್ರದಲ್ಲಿ ಮೇ 3 ರಿಂದ 5 ರವರೆಗೆ ಫಾರ್ಮಸಿ ಕಾಲೇಜು ವತಿಯಿಂದ ನಡೆದ ಸ್ನೇಹ ಸಮ್ಮಿಲನ ಕಾರ್ಯಕ್ರಮದಲ್ಲಿ ಮಾತನಾಡಿದ ಅವರು, ಸಿರಿಧಾನ್ಯಗಳ ಬಳಕೆ ಹಾಗೂ ಅವುಗಳ ಮಹತ್ವದ ಬಗ್ಗೆ ವಿವರಿಸಿದರು. ನಮ್ಮ ಆಹಾರ ಪದ್ಧತಿಯಲ್ಲಿ ಬದಲಾವಣೆ ತರುವ ಮೂಲಕ ರೋಗಮುಕ್ತ ಜೀವನ ನಡೆಸಬಹುದು ಎಂದರು.
ಹಾಗಿ ಗುಣಪಡಿಸಬಹುದಿಲ್ಲ. ಇಂದು ನಾವು ಸೇವಿಸುವ ಆಹಾರದಲ್ಲಿ ರಾಸಾಯನಿಕಗಳ ಬಳಕೆ ಹೆಚ್ಚಾಗಿದ್ದು, ಅದು ನಮ್ಮ ಆರೋಗ್ಯದ ಮೇಲೆ ಪರಿಣಾಮ ಬೀರುತ್ತಿದೆ. ಸಿರಿಧಾನ್ಯಗಳ ಸೇವನೆಯಿಂದ ಹಲವು ರೋಗಗಳನ್ನು ತಡೆಯಬಹುದು ಎಂದರು.
ವೃಕ್ಷದ ಅಂಗಾಂಗಗಳನ್ನು ಸಂರಕ್ಷಿಸಿಕೊಳ್ಳುವ ಬಗ್ಗೆ ತಿಳಿಸಿದರು. ಸಿರಿಧಾನ್ಯಗಳಲ್ಲಿ ನಾರಿನಾಂಶ ಹೆಚ್ಚಿದ್ದು, ಅವು ಮಧುಮೇಹ, ರಕ್ತದೊತ್ತಡ ಸೇರಿದಂತೆ ಹಲವು ಕಾಯಿಲೆಗಳನ್ನು ನಿಯಂತ್ರಿಸುತ್ತವೆ. ಯುವಜನತೆ ಸಿರಿಧಾನ್ಯ ಬಳಕೆ ಮಾಡಬೇಕು ಎಂದರು.
ವರ್ಷವಿಡೀ ಕಾರ್ಯಕ್ರಮದಲ್ಲಿ ಡಾ. ಮೈಸೂರಿನ ಎಸ್. ಎಂ.ಫಾರ್ಮಸಿ ಕಾಲೇಜಿನ ಪ್ರಾಂಶುಪಾಲರು, ಅಧ್ಯಾಪಕರು ಹಾಗೂ ವಿದ್ಯಾರ್ಥಿಗಳು ಭಾಗವಹಿಸಿದ್ದರು. ಹಾಗೂ ಸಂಗೀತ ಕಾರ್ಯಕ್ರಮ ಮತ್ತು ಸಾಂಸ್ಕೃತಿಕ ಕಾರ್ಯಕ್ರಮಗಳು ನಡೆದವು.
ಹಾಗಾಗಿ ಸಂಗೀತ ಆಸ್ವಾದನೆ ಮಾಡುವುದಕ್ಕೆ ರಾಗ, ತಾಳ, ಶಾಸ್ತ್ರ ಜ್ಞಾನಗಳ ಅಗತ್ಯವಿಲ್ಲ. ಇಡೀ ಪ್ರಕೃತಿ ಸಂಗೀತಕ್ಕೆ ಹರಡಿದೆ. ಪಕ್ಷಿಗಳ ಕಲರವದಿಂದ ಹಿಡಿದು, ತಾಯಿಯ ಜೋಗುಳದವರೆಗೂ ಸಂಗೀತ ವಿದೆ. ಸಂಗೀತಕ್ಕೆ ಭಾಷೆಯ ಮಿತಿಯಿಲ್ಲ ಎಂದು ತಿಳಿಸಿದರು. ಸಂಗೀತ ಸುಧಾಕರ ಸಾರಂಗ ಗಾಯನದ ಅಲಾಪನೆ ಪ್ರಸ್ತುತ ಪಡಿಸಿದರು. ಕೆಂಗಲಿನ ರಾಮನಾಥ ಸಾರಂಗ ರಾಮ್ ಮೃದಂಗದಲ್ಲಿ ಸಾಥ್ ನೀಡಿದರು. ಸಂಗೀತ ಕಾರ್ಯಕ್ರಮದಲ್ಲಿ ಶ್ರೀ ಸುತ್ತೂರು ಕ್ಷೇತ್ರದ ಪ್ರಾಂಶುಪಾಲರು ಹಾಗೂ ಸಿಬ್ಬಂದಿ ವರ್ಗದವರು ಭಾಗವಹಿಸಿದ್ದರು. ವಿದ್ಯಾರ್ಥಿಗಳು ಹಾಗೂ ಸಾಂಸ್ಕೃತಿಕ ಕಾರ್ಯಕ್ರಮ ನಡೆಸಿಕೊಟ್ಟರು.
Printed by T.S. Gopinath, Published by M. Govinde Gowda on behalf of Academy Newspapers Private Limited, 15-C Industrial 'A' Layout, Bannimantap, Mysore-570 015 and Printed at Academy Newspapers Private Limited, 15-C Industrial 'A' Layout, Bannimantap, Mysore-570 015 and Published at 15-C Industrial 'A' Layout, Bannimantap, Mysore-570 015, Editor: M. Govinde Gowda Ph: 2496520 / 2496521 / 2496526 / 2496527 / 2496528. Fax: 0821-2496525. CITY OFFICES: Visveswaraya Building, III Floor, K.R. CIRCLE, MYSORE-570 001, Ph: 2431774 and No. 114, D. DEVARAJ URS ROAD (Opposite Big Bus), MYSORE-570 001. Ph: 2428695. RNI Reg. No. 36581 / 1980 E-mail address: news@mysurumithra.com For advertisements: ad@mysurumithra.com
